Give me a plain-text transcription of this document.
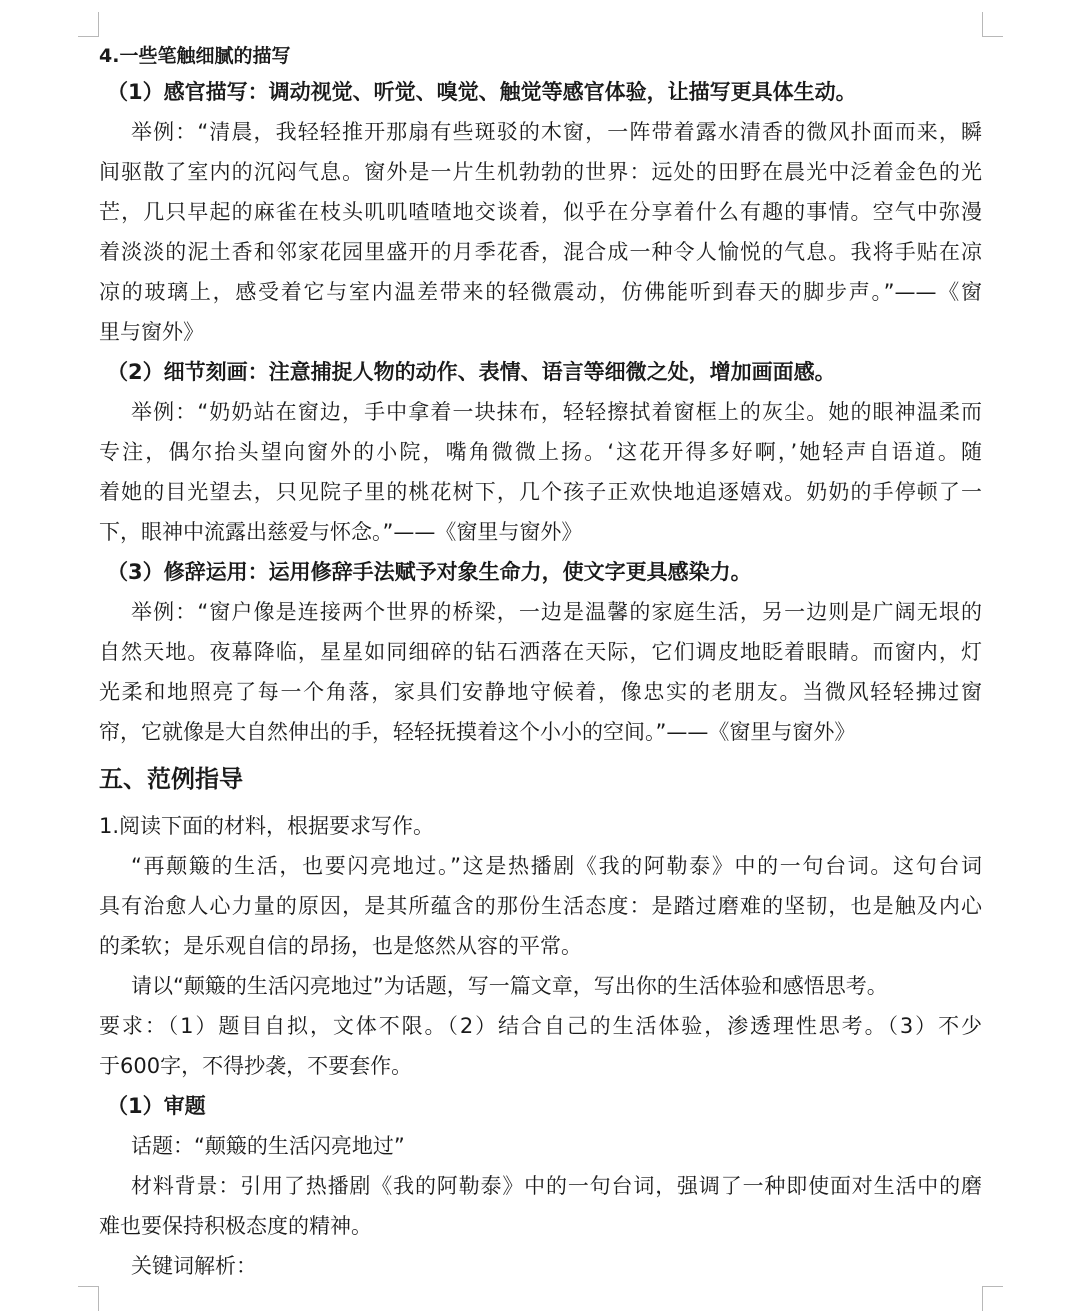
4.一些笔触细腻的描写
（1）感官描写：调动视觉、听觉、嗅觉、触觉等感官体验，让描写更具体生动。
举例：“清晨，我轻轻推开那扇有些斑驳的木窗，一阵带着露水清香的微风扑面而来，瞬
间驱散了室内的沉闷气息。窗外是一片生机勃勃的世界：远处的田野在晨光中泛着金色的光
芒，几只早起的麻雀在枝头叽叽喳喳地交谈着，似乎在分享着什么有趣的事情。空气中弥漫
着淡淡的泥土香和邻家花园里盛开的月季花香，混合成一种令人愉悦的气息。我将手贴在凉
凉的玻璃上，感受着它与室内温差带来的轻微震动，仿佛能听到春天的脚步声。”——《窗
里与窗外》
（2）细节刻画：注意捕捉人物的动作、表情、语言等细微之处，增加画面感。
举例：“奶奶站在窗边，手中拿着一块抹布，轻轻擦拭着窗框上的灰尘。她的眼神温柔而
专注，偶尔抬头望向窗外的小院，嘴角微微上扬。‘这花开得多好啊，’她轻声自语道。随
着她的目光望去，只见院子里的桃花树下，几个孩子正欢快地追逐嬉戏。奶奶的手停顿了一
下，眼神中流露出慈爱与怀念。”——《窗里与窗外》
（3）修辞运用：运用修辞手法赋予对象生命力，使文字更具感染力。
举例：“窗户像是连接两个世界的桥梁，一边是温馨的家庭生活，另一边则是广阔无垠的
自然天地。夜幕降临，星星如同细碎的钻石洒落在天际，它们调皮地眨着眼睛。而窗内，灯
光柔和地照亮了每一个角落，家具们安静地守候着，像忠实的老朋友。当微风轻轻拂过窗
帘，它就像是大自然伸出的手，轻轻抚摸着这个小小的空间。”——《窗里与窗外》
五、范例指导
1.阅读下面的材料，根据要求写作。
“再颠簸的生活，也要闪亮地过。”这是热播剧《我的阿勒泰》中的一句台词。这句台词
具有治愈人心力量的原因，是其所蕴含的那份生活态度：是踏过磨难的坚韧，也是触及内心
的柔软；是乐观自信的昂扬，也是悠然从容的平常。
请以“颠簸的生活闪亮地过”为话题，写一篇文章，写出你的生活体验和感悟思考。
要求：（1）题目自拟，文体不限。（2）结合自己的生活体验，渗透理性思考。（3）不少
于600字，不得抄袭，不要套作。
（1）审题
话题：“颠簸的生活闪亮地过”
材料背景：引用了热播剧《我的阿勒泰》中的一句台词，强调了一种即使面对生活中的磨
难也要保持积极态度的精神。
关键词解析：
